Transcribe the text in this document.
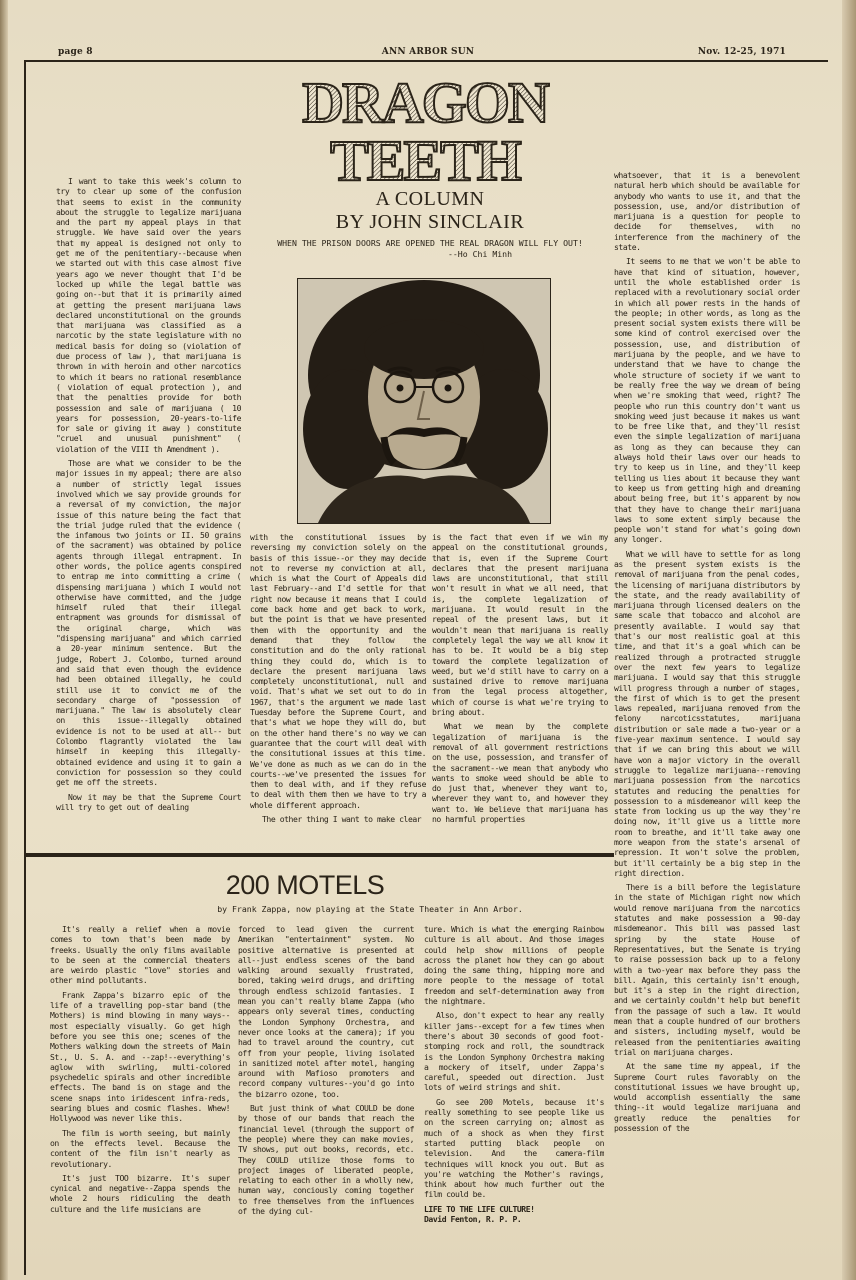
page 8	ANN ARBOR SUN	Nov. 12-25, 1971
DRAGON
TEETH
A COLUMN
BY JOHN SINCLAIR
WHEN THE PRISON DOORS ARE OPENED THE REAL DRAGON WILL FLY OUT!
--Ho Chi Minh

I want to take this week's column to try to clear up some of the confusion that seems to exist in the community about the struggle to legalize marijuana and the part my appeal plays in that struggle. We have said over the years that my appeal is designed not only to get me of the penitentiary--because when we started out with this case almost five years ago we never thought that I'd be locked up while the legal battle was going on--but that it is primarily aimed at getting the present marijuana laws declared unconstitutional on the grounds that marijuana was classified as a narcotic by the state legislature with no medical basis for doing so (violation of due process of law ), that marijuana is thrown in with heroin and other narcotics to which it bears no rational resemblance ( violation of equal protection ), and that the penalties provide for both possession and sale of marijuana ( 10 years for possession, 20-years-to-life for sale or giving it away ) constitute "cruel and unusual punishment" ( violation of the VIII th Amendment ).

Those are what we consider to be the major issues in my appeal; there are also a number of strictly legal issues involved which we say provide grounds for a reversal of my conviction, the major issue of this nature being the fact that the trial judge ruled that the evidence ( the infamous two joints or II. 50 grains of the sacrament) was obtained by police agents through illegal entrapment. In other words, the police agents conspired to entrap me into committing a crime ( dispensing marijuana ) which I would not otherwise have committed, and the judge himself ruled that their illegal entrapment was grounds for dismissal of the original charge, which was "dispensing marijuana" and which carried a 20-year minimum sentence. But the judge, Robert J. Colombo, turned around and said that even though the evidence had been obtained illegally, he could still use it to convict me of the secondary charge of "possession of marijuana." The law is absolutely clear on this issue--illegally obtained evidence is not to be used at all-- but Colombo flagrantly violated the law himself in keeping this illegally-obtained evidence and using it to gain a conviction for possession so they could get me off the streets.

Now it may be that the Supreme Court will try to get out of dealing

with the constitutional issues by reversing my conviction solely on the basis of this issue--or they may decide not to reverse my conviction at all, which is what the Court of Appeals did last February--and I'd settle for that right now because it means that I could come back home and get back to work, but the point is that we have presented them with the opportunity and the demand that they follow the constitution and do the only rational thing they could do, which is to declare the present marijuana laws completely unconstitutional, null and void. That's what we set out to do in 1967, that's the argument we made last Tuesday before the Supreme Court, and that's what we hope they will do, but on the other hand there's no way we can guarantee that the court will deal with the consitutional issues at this time. We've done as much as we can do in the courts--we've presented the issues for them to deal with, and if they refuse to deal with them then we have to try a whole different approach.

The other thing I want to make clear

is the fact that even if we win my appeal on the constitutional grounds, that is, even if the Supreme Court declares that the present marijuana laws are unconstitutional, that still won't result in what we all need, that is, the complete legalization of marijuana. It would result in the repeal of the present laws, but it wouldn't mean that marijuana is really completely legal the way we all know it has to be. It would be a big step toward the complete legalization of weed, but we'd still have to carry on a sustained drive to remove marijuana from the legal process altogether, which of course is what we're trying to bring about.

What we mean by the complete legalization of marijuana is the removal of all government restrictions on the use, possession, and transfer of the sacrament--we mean that anybody who wants to smoke weed should be able to do just that, whenever they want to, wherever they want to, and however they want to. We believe that marijuana has no harmful properties

whatsoever, that it is a benevolent natural herb which should be available for anybody who wants to use it, and that the possession, use, and/or distribution of marijuana is a question for people to decide for themselves, with no interference from the machinery of the state.

It seems to me that we won't be able to have that kind of situation, however, until the whole established order is replaced with a revolutionary social order in which all power rests in the hands of the people; in other words, as long as the present social system exists there will be some kind of control exercised over the possession, use, and distribution of marijuana by the people, and we have to understand that we have to change the whole structure of society if we want to be really free the way we dream of being when we're smoking that weed, right? The people who run this country don't want us smoking weed just because it makes us want to be free like that, and they'll resist even the simple legalization of marijuana as long as they can because they can always hold their laws over our heads to try to keep us in line, and they'll keep telling us lies about it because they want to keep us from getting high and dreaming about being free, but it's apparent by now that they have to change their marijuana laws to some extent simply because the people won't stand for what's going down any longer.

What we will have to settle for as long as the present system exists is the removal of marijuana from the penal codes, the licensing of marijuana distributors by the state, and the ready availability of marijuana through licensed dealers on the same scale that tobacco and alcohol are presently available. I would say that that's our most realistic goal at this time, and that it's a goal which can be realized through a protracted struggle over the next few years to legalize marijuana. I would say that this struggle will progress through a number of stages, the first of which is to get the present laws repealed, marijuana removed from the felony narcoticsstatutes, marijuana distribution or sale made a two-year or a five-year maximum sentence. I would say that if we can bring this about we will have won a major victory in the overall struggle to legalize marijuana--removing marijuana possession from the narcotics statutes and reducing the penalties for possession to a misdemeanor will keep the state from locking us up the way they're doing now, it'll give us a little more room to breathe, and it'll take away one more weapon from the state's arsenal of repression. It won't solve the problem, but it'll certainly be a big step in the right direction.

There is a bill before the legislature in the state of Michigan right now which would remove marijuana from the narcotics statutes and make possession a 90-day misdemeanor. This bill was passed last spring by the state House of Representatives, but the Senate is trying to raise possession back up to a felony with a two-year max before they pass the bill. Again, this certainly isn't enough, but it's a step in the right direction, and we certainly couldn't help but benefit from the passage of such a law. It would mean that a couple hundred of our brothers and sisters, including myself, would be released from the penitentiaries awaiting trial on marijuana charges.

At the same time my appeal, if the Supreme Court rules favorably on the constitutional issues we have brought up, would accomplish essentially the same thing--it would legalize marijuana and greatly reduce the penalties for possession of the

200 MOTELS
by Frank Zappa, now playing at the State Theater in Ann Arbor.

It's really a relief when a movie comes to town that's been made by freeks. Usually the only films available to be seen at the commercial theaters are weirdo plastic "love" stories and other mind pollutants.

Frank Zappa's bizarro epic of the life of a travelling pop-star band (the Mothers) is mind blowing in many ways--most especially visually. Go get high before you see this one; scenes of the Mothers walking down the streets of Main St., U. S. A. and --zap!--everything's aglow with swirling, multi-colored psychedelic spirals and other incredible effects. The band is on stage and the scene snaps into iridescent infra-reds, searing blues and cosmic flashes. Whew! Hollywood was never like this.

The film is worth seeing, but mainly on the effects level. Because the content of the film isn't nearly as revolutionary.

It's just TOO bizarre. It's super cynical and negative--Zappa spends the whole 2 hours ridiculing the death culture and the life musicians are

forced to lead given the current Amerikan "entertainment" system. No positive alternative is presented at all--just endless scenes of the band walking around sexually frustrated, bored, taking weird drugs, and drifting through endless schizoid fantasies. I mean you can't really blame Zappa (who appears only several times, conducting the London Symphony Orchestra, and never once looks at the camera); if you had to travel around the country, cut off from your people, living isolated in sanitized motel after motel, hanging around with Mafioso promoters and record company vultures--you'd go into the bizarro ozone, too.

But just think of what COULD be done by those of our bands that reach the financial level (through the support of the people) where they can make movies, TV shows, put out books, records, etc. They COULD utilize those forms to project images of liberated people, relating to each other in a wholly new, human way, conciously coming together to free themselves from the influences of the dying cul-

ture. Which is what the emerging Rainbow culture is all about. And those images could help show millions of people across the planet how they can go about doing the same thing, hipping more and more people to the message of total freedom and self-determination away from the nightmare.

Also, don't expect to hear any really killer jams--except for a few times when there's about 30 seconds of good foot-stomping rock and roll, the soundtrack is the London Symphony Orchestra making a mockery of itself, under Zappa's careful, speeded out direction. Just lots of weird strings and shit.

Go see 200 Motels, because it's really something to see people like us on the screen carrying on; almost as much of a shock as when they first started putting black people on television. And the camera-film techniques will knock you out. But as you're watching the Mother's ravings, think about how much further out the film could be.

LIFE TO THE LIFE CULTURE!

David Fenton, R. P. P.
